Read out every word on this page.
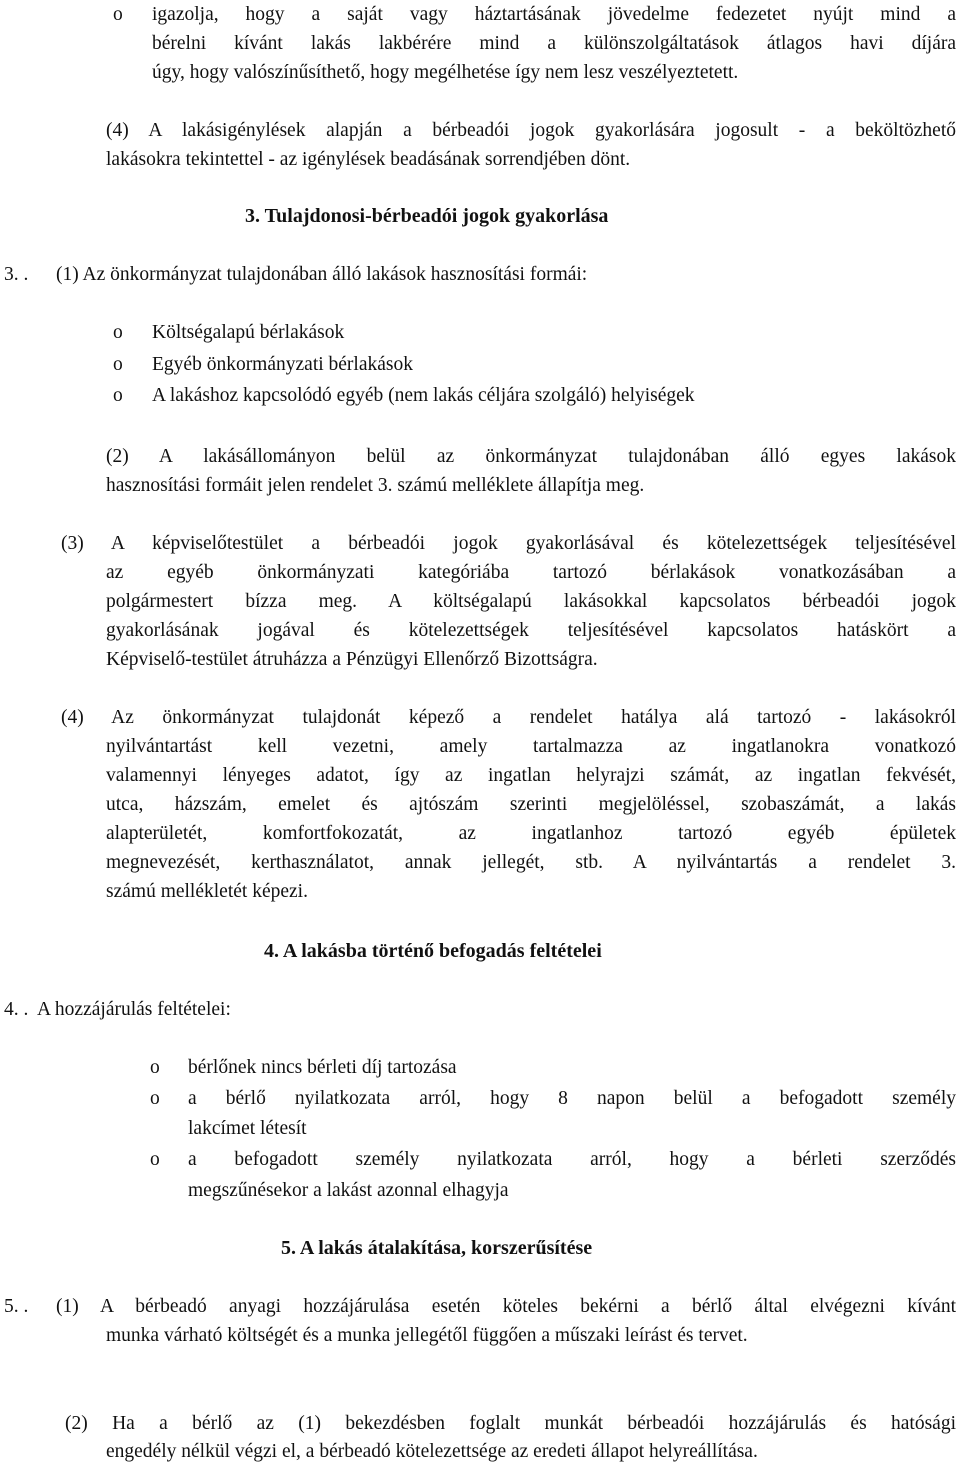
o igazolja, hogy a saját vagy háztartásának jövedelme fedezetet nyújt mind a
bérelni kívánt lakás lakbérére mind a különszolgáltatások átlagos havi díjára
úgy, hogy valószínűsíthető, hogy megélhetése így nem lesz veszélyeztetett.
(4) A lakásigénylések alapján a bérbeadói jogok gyakorlására jogosult - a beköltözhető
lakásokra tekintettel - az igénylések beadásának sorrendjében dönt.
3. Tulajdonosi-bérbeadói jogok gyakorlása
3. . (1) Az önkormányzat tulajdonában álló lakások hasznosítási formái:
o Költségalapú bérlakások
o Egyéb önkormányzati bérlakások
o A lakáshoz kapcsolódó egyéb (nem lakás céljára szolgáló) helyiségek
(2) A lakásállományon belül az önkormányzat tulajdonában álló egyes lakások
hasznosítási formáit jelen rendelet 3. számú melléklete állapítja meg.
(3) A képviselőtestület a bérbeadói jogok gyakorlásával és kötelezettségek teljesítésével
az egyéb önkormányzati kategóriába tartozó bérlakások vonatkozásában a
polgármestert bízza meg. A költségalapú lakásokkal kapcsolatos bérbeadói jogok
gyakorlásának jogával és kötelezettségek teljesítésével kapcsolatos hatáskört a
Képviselő-testület átruházza a Pénzügyi Ellenőrző Bizottságra.
(4) Az önkormányzat tulajdonát képező a rendelet hatálya alá tartozó - lakásokról
nyilvántartást kell vezetni, amely tartalmazza az ingatlanokra vonatkozó
valamennyi lényeges adatot, így az ingatlan helyrajzi számát, az ingatlan fekvését,
utca, házszám, emelet és ajtószám szerinti megjelöléssel, szobaszámát, a lakás
alapterületét, komfortfokozatát, az ingatlanhoz tartozó egyéb épületek
megnevezését, kerthasználatot, annak jellegét, stb. A nyilvántartás a rendelet 3.
számú mellékletét képezi.
4. A lakásba történő befogadás feltételei
4. .  A hozzájárulás feltételei:
o bérlőnek nincs bérleti díj tartozása
o a bérlő nyilatkozata arról, hogy 8 napon belül a befogadott személy
lakcímet létesít
o a befogadott személy nyilatkozata arról, hogy a bérleti szerződés
megszűnésekor a lakást azonnal elhagyja
5. A lakás átalakítása, korszerűsítése
5. . (1) A bérbeadó anyagi hozzájárulása esetén köteles bekérni a bérlő által elvégezni kívánt
munka várható költségét és a munka jellegétől függően a műszaki leírást és tervet.
(2) Ha a bérlő az (1) bekezdésben foglalt munkát bérbeadói hozzájárulás és hatósági
engedély nélkül végzi el, a bérbeadó kötelezettsége az eredeti állapot helyreállítása.
